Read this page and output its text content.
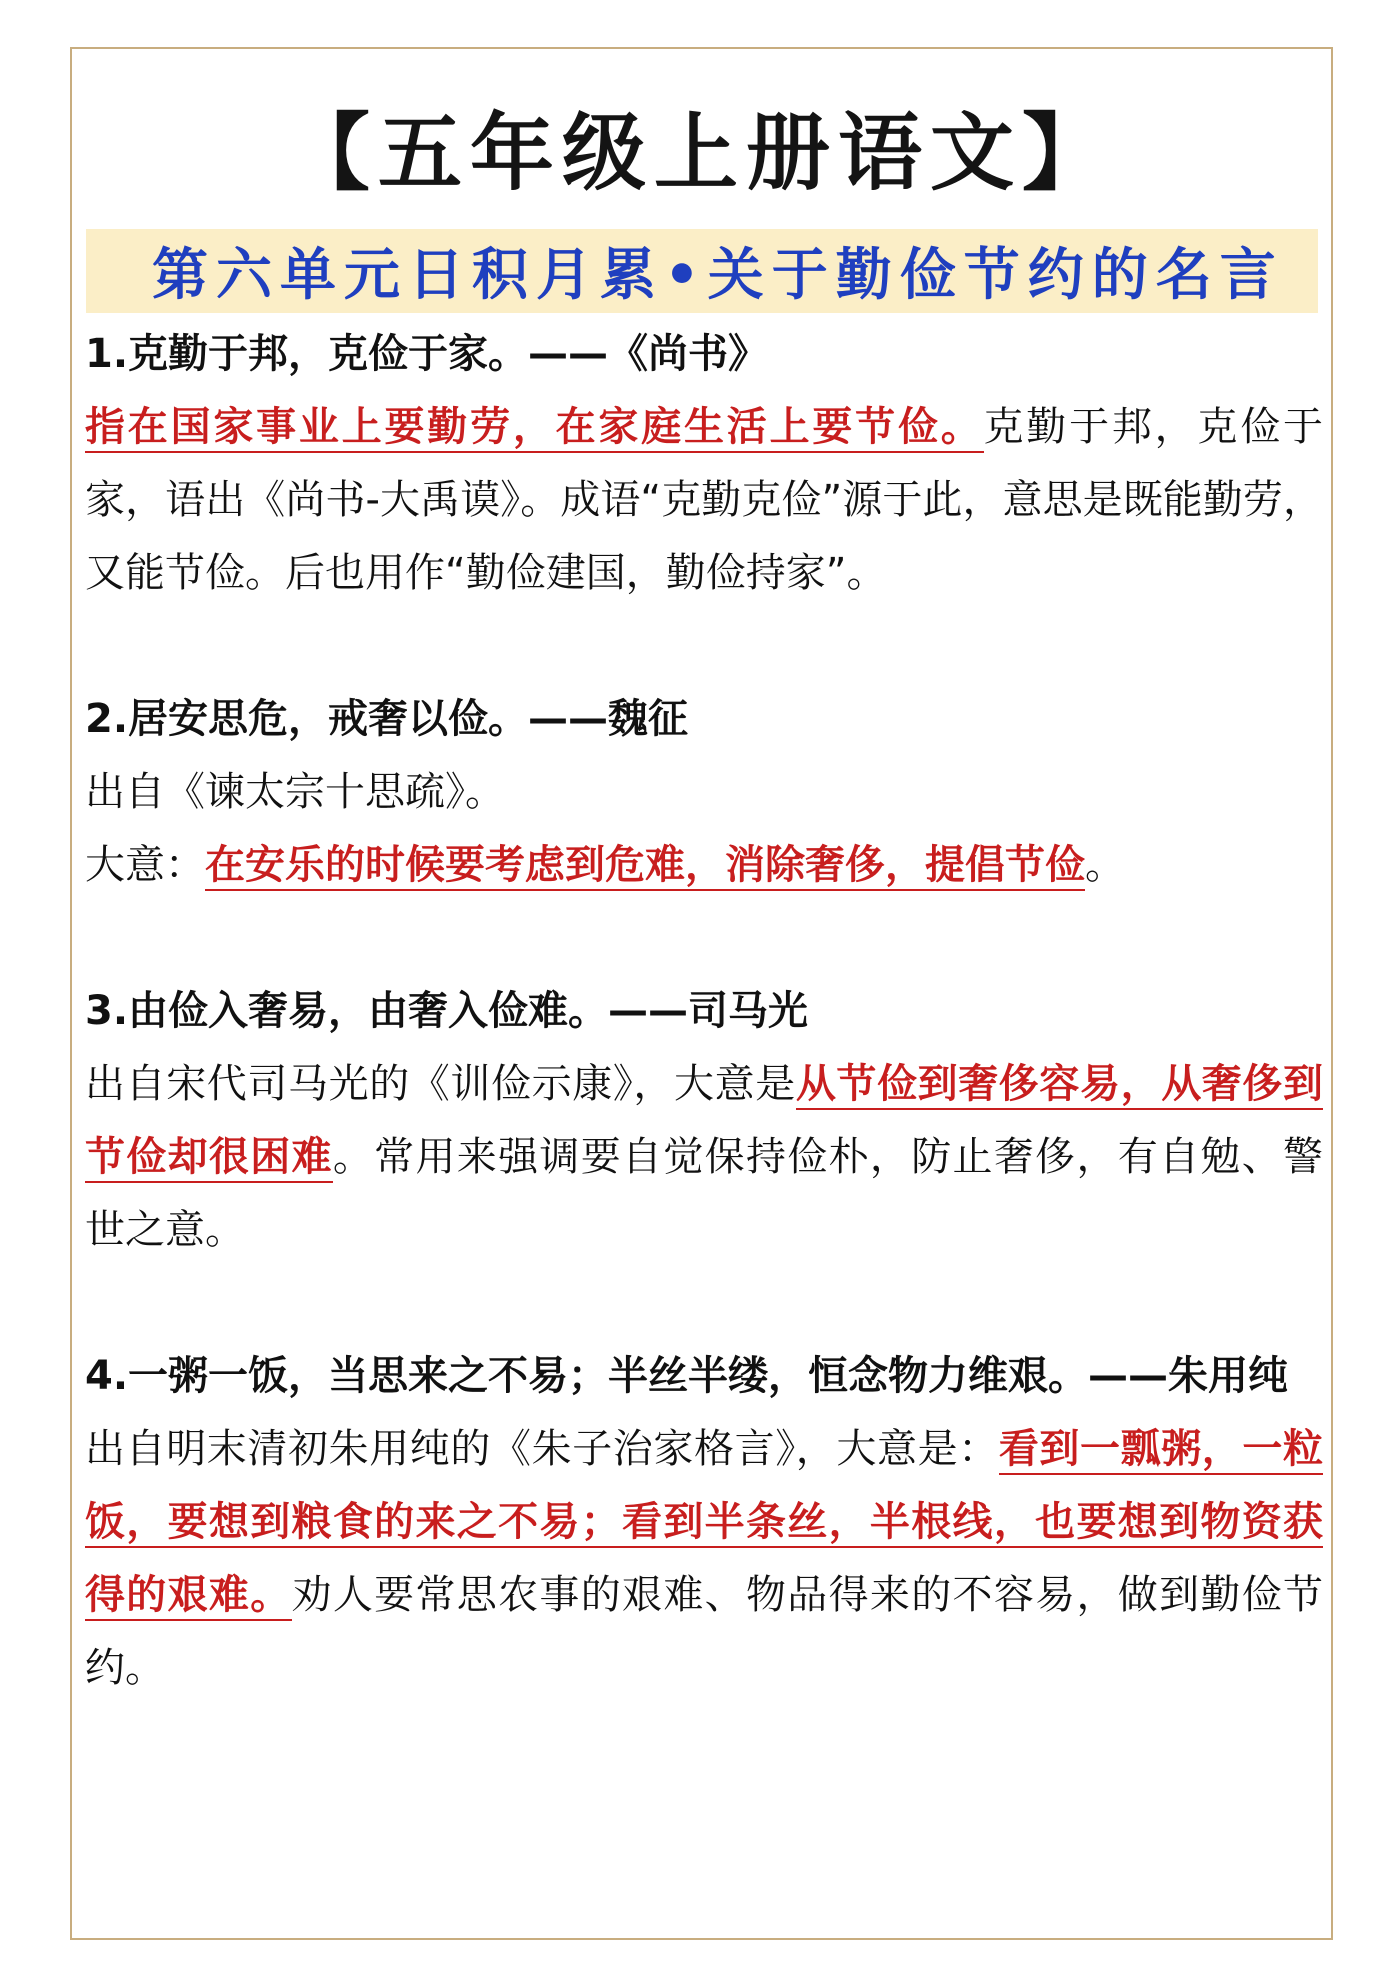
【五年级上册语文】
第六单元日积月累•关于勤俭节约的名言

1.克勤于邦，克俭于家。——《尚书》

指在国家事业上要勤劳，在家庭生活上要节俭。克勤于邦，克俭于家，语出《尚书-大禹谟》。成语“克勤克俭”源于此，意思是既能勤劳，又能节俭。后也用作“勤俭建国，勤俭持家”。

2.居安思危，戒奢以俭。——魏征

出自《谏太宗十思疏》。

大意：在安乐的时候要考虑到危难，消除奢侈，提倡节俭。

3.由俭入奢易，由奢入俭难。——司马光

出自宋代司马光的《训俭示康》，大意是从节俭到奢侈容易，从奢侈到节俭却很困难。常用来强调要自觉保持俭朴，防止奢侈，有自勉、警世之意。

4.一粥一饭，当思来之不易；半丝半缕，恒念物力维艰。——朱用纯

出自明末清初朱用纯的《朱子治家格言》，大意是：看到一瓢粥，一粒饭，要想到粮食的来之不易；看到半条丝，半根线，也要想到物资获得的艰难。劝人要常思农事的艰难、物品得来的不容易，做到勤俭节约。
